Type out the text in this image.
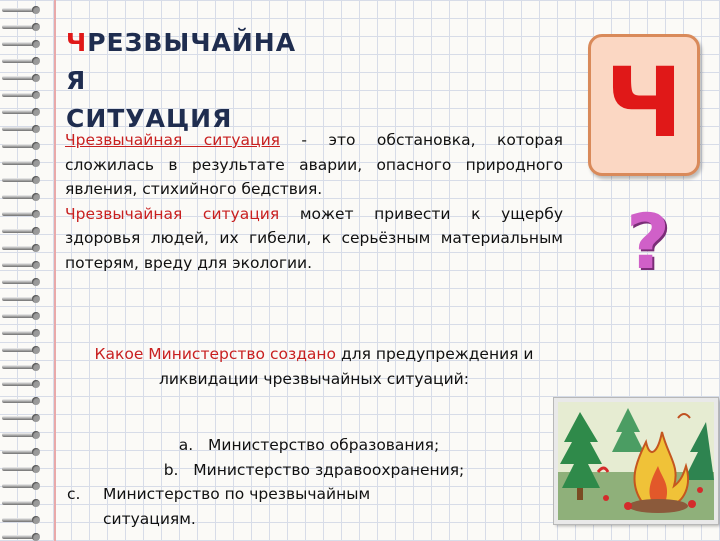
ЧРЕЗВЫЧАЙНА
Я
СИТУАЦИЯ
Чрезвычайная ситуация - это обстановка, которая сложилась в результате аварии, опасного природного явления, стихийного бедствия.
Чрезвычайная ситуация может привести к ущербу здоровья людей, их гибели, к серьёзным материальным потерям, вреду для экологии.
Какое Министерство создано для предупреждения и ликвидации чрезвычайных ситуаций:
a. Министерство образования;
b. Министерство здравоохранения;
c.	Министерство по чрезвычайным ситуациям.
Ч
?
